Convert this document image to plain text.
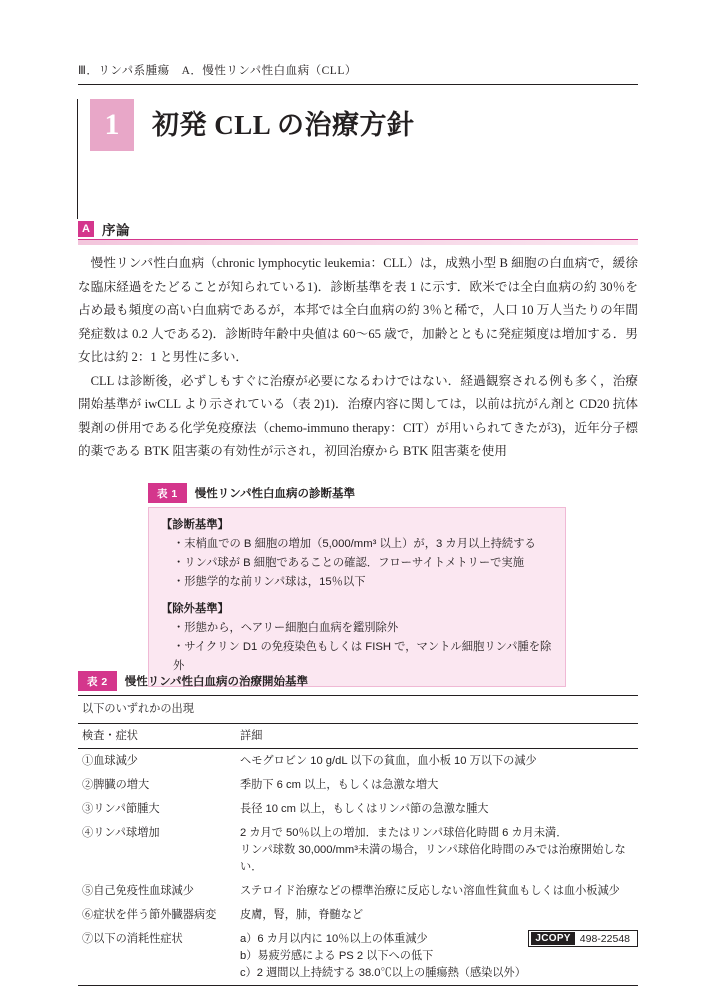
Ⅲ．リンパ系腫瘍　A．慢性リンパ性白血病（CLL）
1	初発 CLL の治療方針
A 序論

慢性リンパ性白血病（chronic lymphocytic leukemia：CLL）は，成熟小型 B 細胞の白血病で，緩徐な臨床経過をたどることが知られている1)．診断基準を表 1 に示す．欧米では全白血病の約 30％を占め最も頻度の高い白血病であるが，本邦では全白血病の約 3％と稀で，人口 10 万人当たりの年間発症数は 0.2 人である2)．診断時年齢中央値は 60〜65 歳で，加齢とともに発症頻度は増加する．男女比は約 2：1 と男性に多い．

CLL は診断後，必ずしもすぐに治療が必要になるわけではない．経過観察される例も多く，治療開始基準が iwCLL より示されている（表 2)1)．治療内容に関しては，以前は抗がん剤と CD20 抗体製剤の併用である化学免疫療法（chemo-immuno therapy：CIT）が用いられてきたが3)，近年分子標的薬である BTK 阻害薬の有効性が示され，初回治療から BTK 阻害薬を使用

表 1	慢性リンパ性白血病の診断基準
【診断基準】
・末梢血での B 細胞の増加（5,000/mm³ 以上）が，3 カ月以上持続する
・リンパ球が B 細胞であることの確認．フローサイトメトリーで実施
・形態学的な前リンパ球は，15％以下
【除外基準】
・形態から，ヘアリー細胞白血病を鑑別除外
・サイクリン D1 の免疫染色もしくは FISH で，マントル細胞リンパ腫を除外
表 2	慢性リンパ性白血病の治療開始基準
以下のいずれかの出現	
検査・症状	詳細
①血球減少	ヘモグロビン 10 g/dL 以下の貧血，血小板 10 万以下の減少
②脾臓の増大	季肋下 6 cm 以上，もしくは急激な増大
③リンパ節腫大	長径 10 cm 以上，もしくはリンパ節の急激な腫大
④リンパ球増加	2 カ月で 50％以上の増加．またはリンパ球倍化時間 6 カ月未満．
リンパ球数 30,000/mm³未満の場合，リンパ球倍化時間のみでは治療開始しない．

⑤自己免疫性血球減少	ステロイド治療などの標準治療に反応しない溶血性貧血もしくは血小板減少
⑥症状を伴う節外臓器病変	皮膚，腎，肺，脊髄など
⑦以下の消耗性症状	a）6 カ月以内に 10％以上の体重減少
b）易疲労感による PS 2 以下への低下
c）2 週間以上持続する 38.0℃以上の腫瘍熱（感染以外）
JCOPY 498-22548
